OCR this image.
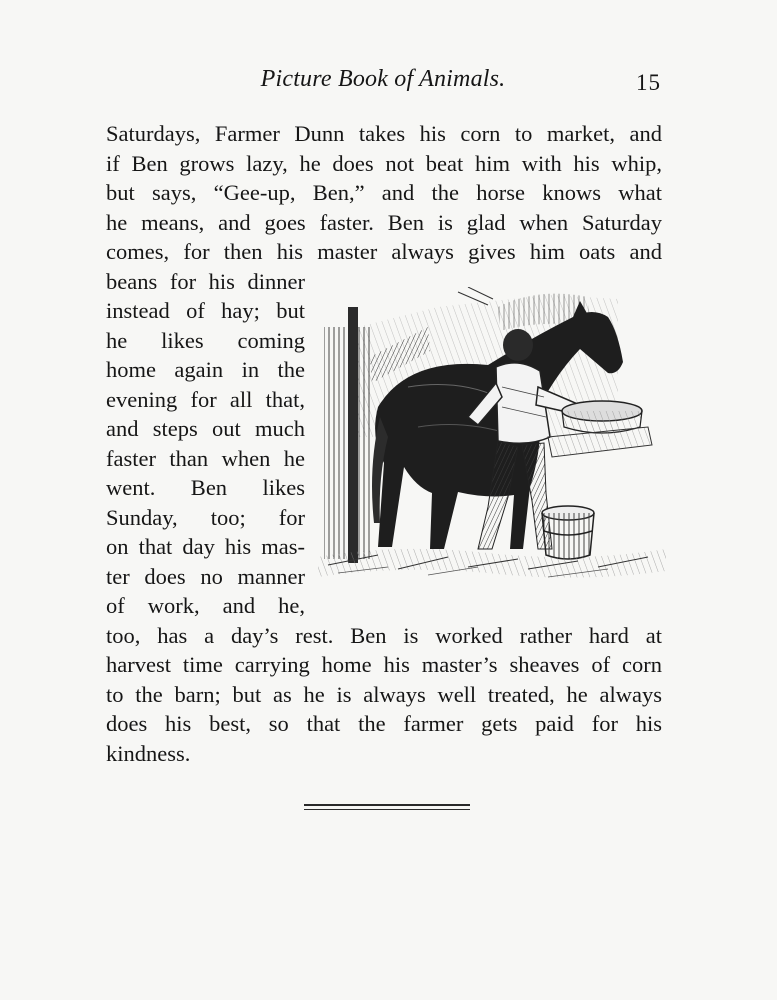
Picture Book of Animals.	15
Saturdays, Farmer Dunn takes his corn to market, and
if Ben grows lazy, he does not beat him with his whip,
but says, “Gee-up, Ben,” and the horse knows what
he means, and goes faster. Ben is glad when Saturday
comes, for then his master always gives him oats and
beans for his dinner
instead of hay; but
he likes coming
home again in the
evening for all that,
and steps out much
faster than when he
went. Ben likes
Sunday, too; for
on that day his mas-
ter does no manner
of work, and he,
too, has a day’s rest. Ben is worked rather hard at
harvest time carrying home his master’s sheaves of corn
to the barn; but as he is always well treated, he always
does his best, so that the farmer gets paid for his
kindness.
